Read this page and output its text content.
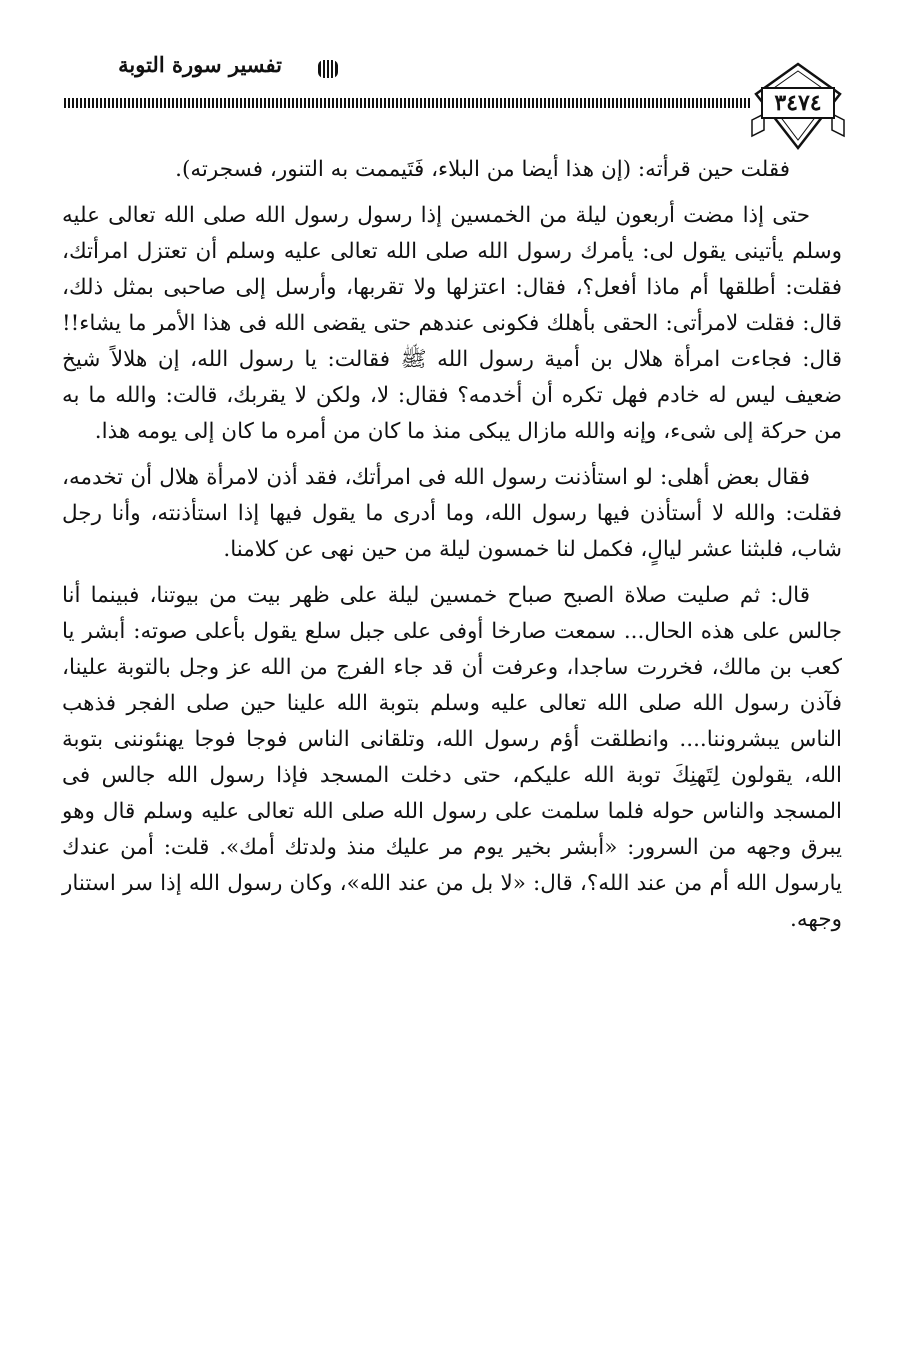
تفسير سورة التوبة
٣٤٧٤

فقلت حين قرأته: (إن هذا أيضا من البلاء، فَتَيممت به التنور، فسجرته).

حتى إذا مضت أربعون ليلة من الخمسين إذا رسول رسول الله صلى الله تعالى عليه وسلم يأتينى يقول لى: يأمرك رسول الله صلى الله تعالى عليه وسلم أن تعتزل امرأتك، فقلت: أطلقها أم ماذا أفعل؟، فقال: اعتزلها ولا تقربها، وأرسل إلى صاحبى بمثل ذلك، قال: فقلت لامرأتى: الحقى بأهلك فكونى عندهم حتى يقضى الله فى هذا الأمر ما يشاء!! قال: فجاءت امرأة هلال بن أمية رسول الله ﷺ فقالت: يا رسول الله، إن هلالاً شيخ ضعيف ليس له خادم فهل تكره أن أخدمه؟ فقال: لا، ولكن لا يقربك، قالت: والله ما به من حركة إلى شىء، وإنه والله مازال يبكى منذ ما كان من أمره ما كان إلى يومه هذا.

فقال بعض أهلى: لو استأذنت رسول الله فى امرأتك، فقد أذن لامرأة هلال أن تخدمه، فقلت: والله لا أستأذن فيها رسول الله، وما أدرى ما يقول فيها إذا استأذنته، وأنا رجل شاب، فلبثنا عشر ليالٍ، فكمل لنا خمسون ليلة من حين نهى عن كلامنا.

قال: ثم صليت صلاة الصبح صباح خمسين ليلة على ظهر بيت من بيوتنا، فبينما أنا جالس على هذه الحال... سمعت صارخا أوفى على جبل سلع يقول بأعلى صوته: أبشر يا كعب بن مالك، فخررت ساجدا، وعرفت أن قد جاء الفرج من الله عز وجل بالتوبة علينا، فآذن رسول الله صلى الله تعالى عليه وسلم بتوبة الله علينا حين صلى الفجر فذهب الناس يبشروننا.... وانطلقت أؤم رسول الله، وتلقانى الناس فوجا فوجا يهنئوننى بتوبة الله، يقولون لِتَهنِكَ توبة الله عليكم، حتى دخلت المسجد فإذا رسول الله جالس فى المسجد والناس حوله فلما سلمت على رسول الله صلى الله تعالى عليه وسلم قال وهو يبرق وجهه من السرور: «أبشر بخير يوم مر عليك منذ ولدتك أمك». قلت: أمن عندك يارسول الله أم من عند الله؟، قال: «لا بل من عند الله»، وكان رسول الله إذا سر استنار وجهه.
